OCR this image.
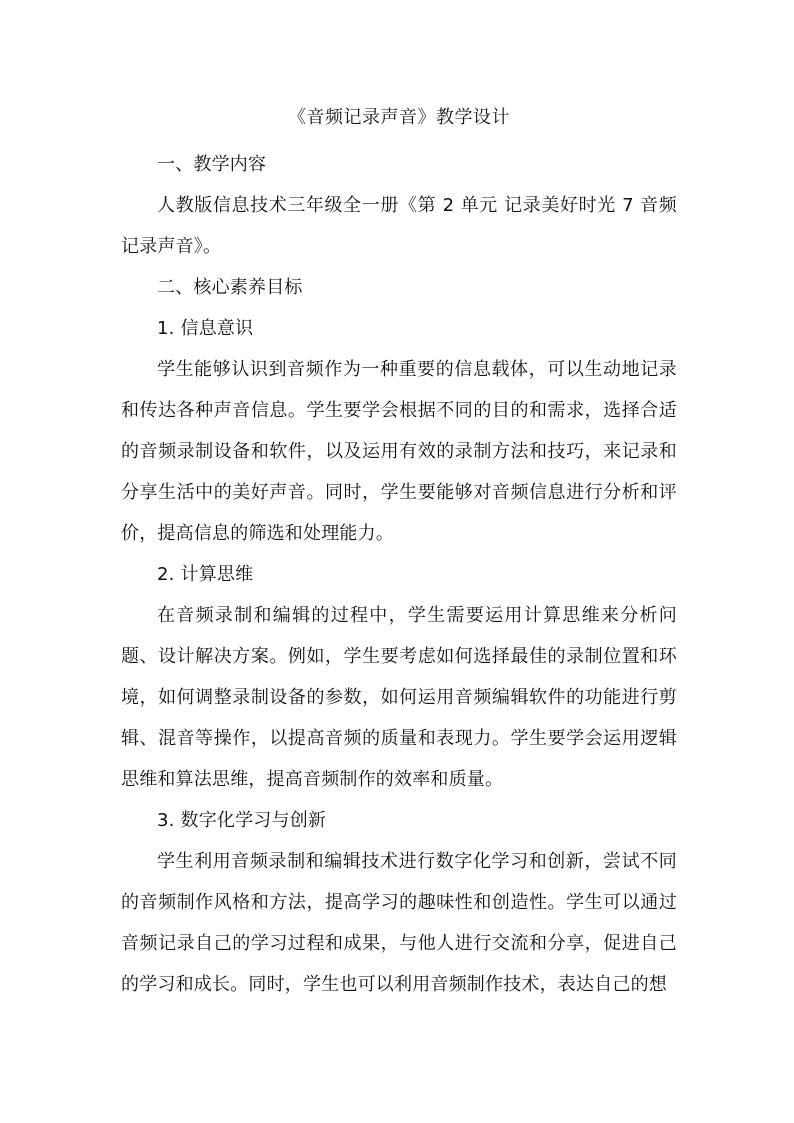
《音频记录声音》教学设计

一、教学内容

人教版信息技术三年级全一册《第 2 单元 记录美好时光 7 音频记录声音》。

二、核心素养目标

1. 信息意识

学生能够认识到音频作为一种重要的信息载体，可以生动地记录和传达各种声音信息。学生要学会根据不同的目的和需求，选择合适的音频录制设备和软件，以及运用有效的录制方法和技巧，来记录和分享生活中的美好声音。同时，学生要能够对音频信息进行分析和评价，提高信息的筛选和处理能力。

2. 计算思维

在音频录制和编辑的过程中，学生需要运用计算思维来分析问题、设计解决方案。例如，学生要考虑如何选择最佳的录制位置和环境，如何调整录制设备的参数，如何运用音频编辑软件的功能进行剪辑、混音等操作，以提高音频的质量和表现力。学生要学会运用逻辑思维和算法思维，提高音频制作的效率和质量。

3. 数字化学习与创新

学生利用音频录制和编辑技术进行数字化学习和创新，尝试不同的音频制作风格和方法，提高学习的趣味性和创造性。学生可以通过音频记录自己的学习过程和成果，与他人进行交流和分享，促进自己的学习和成长。同时，学生也可以利用音频制作技术，表达自己的想
